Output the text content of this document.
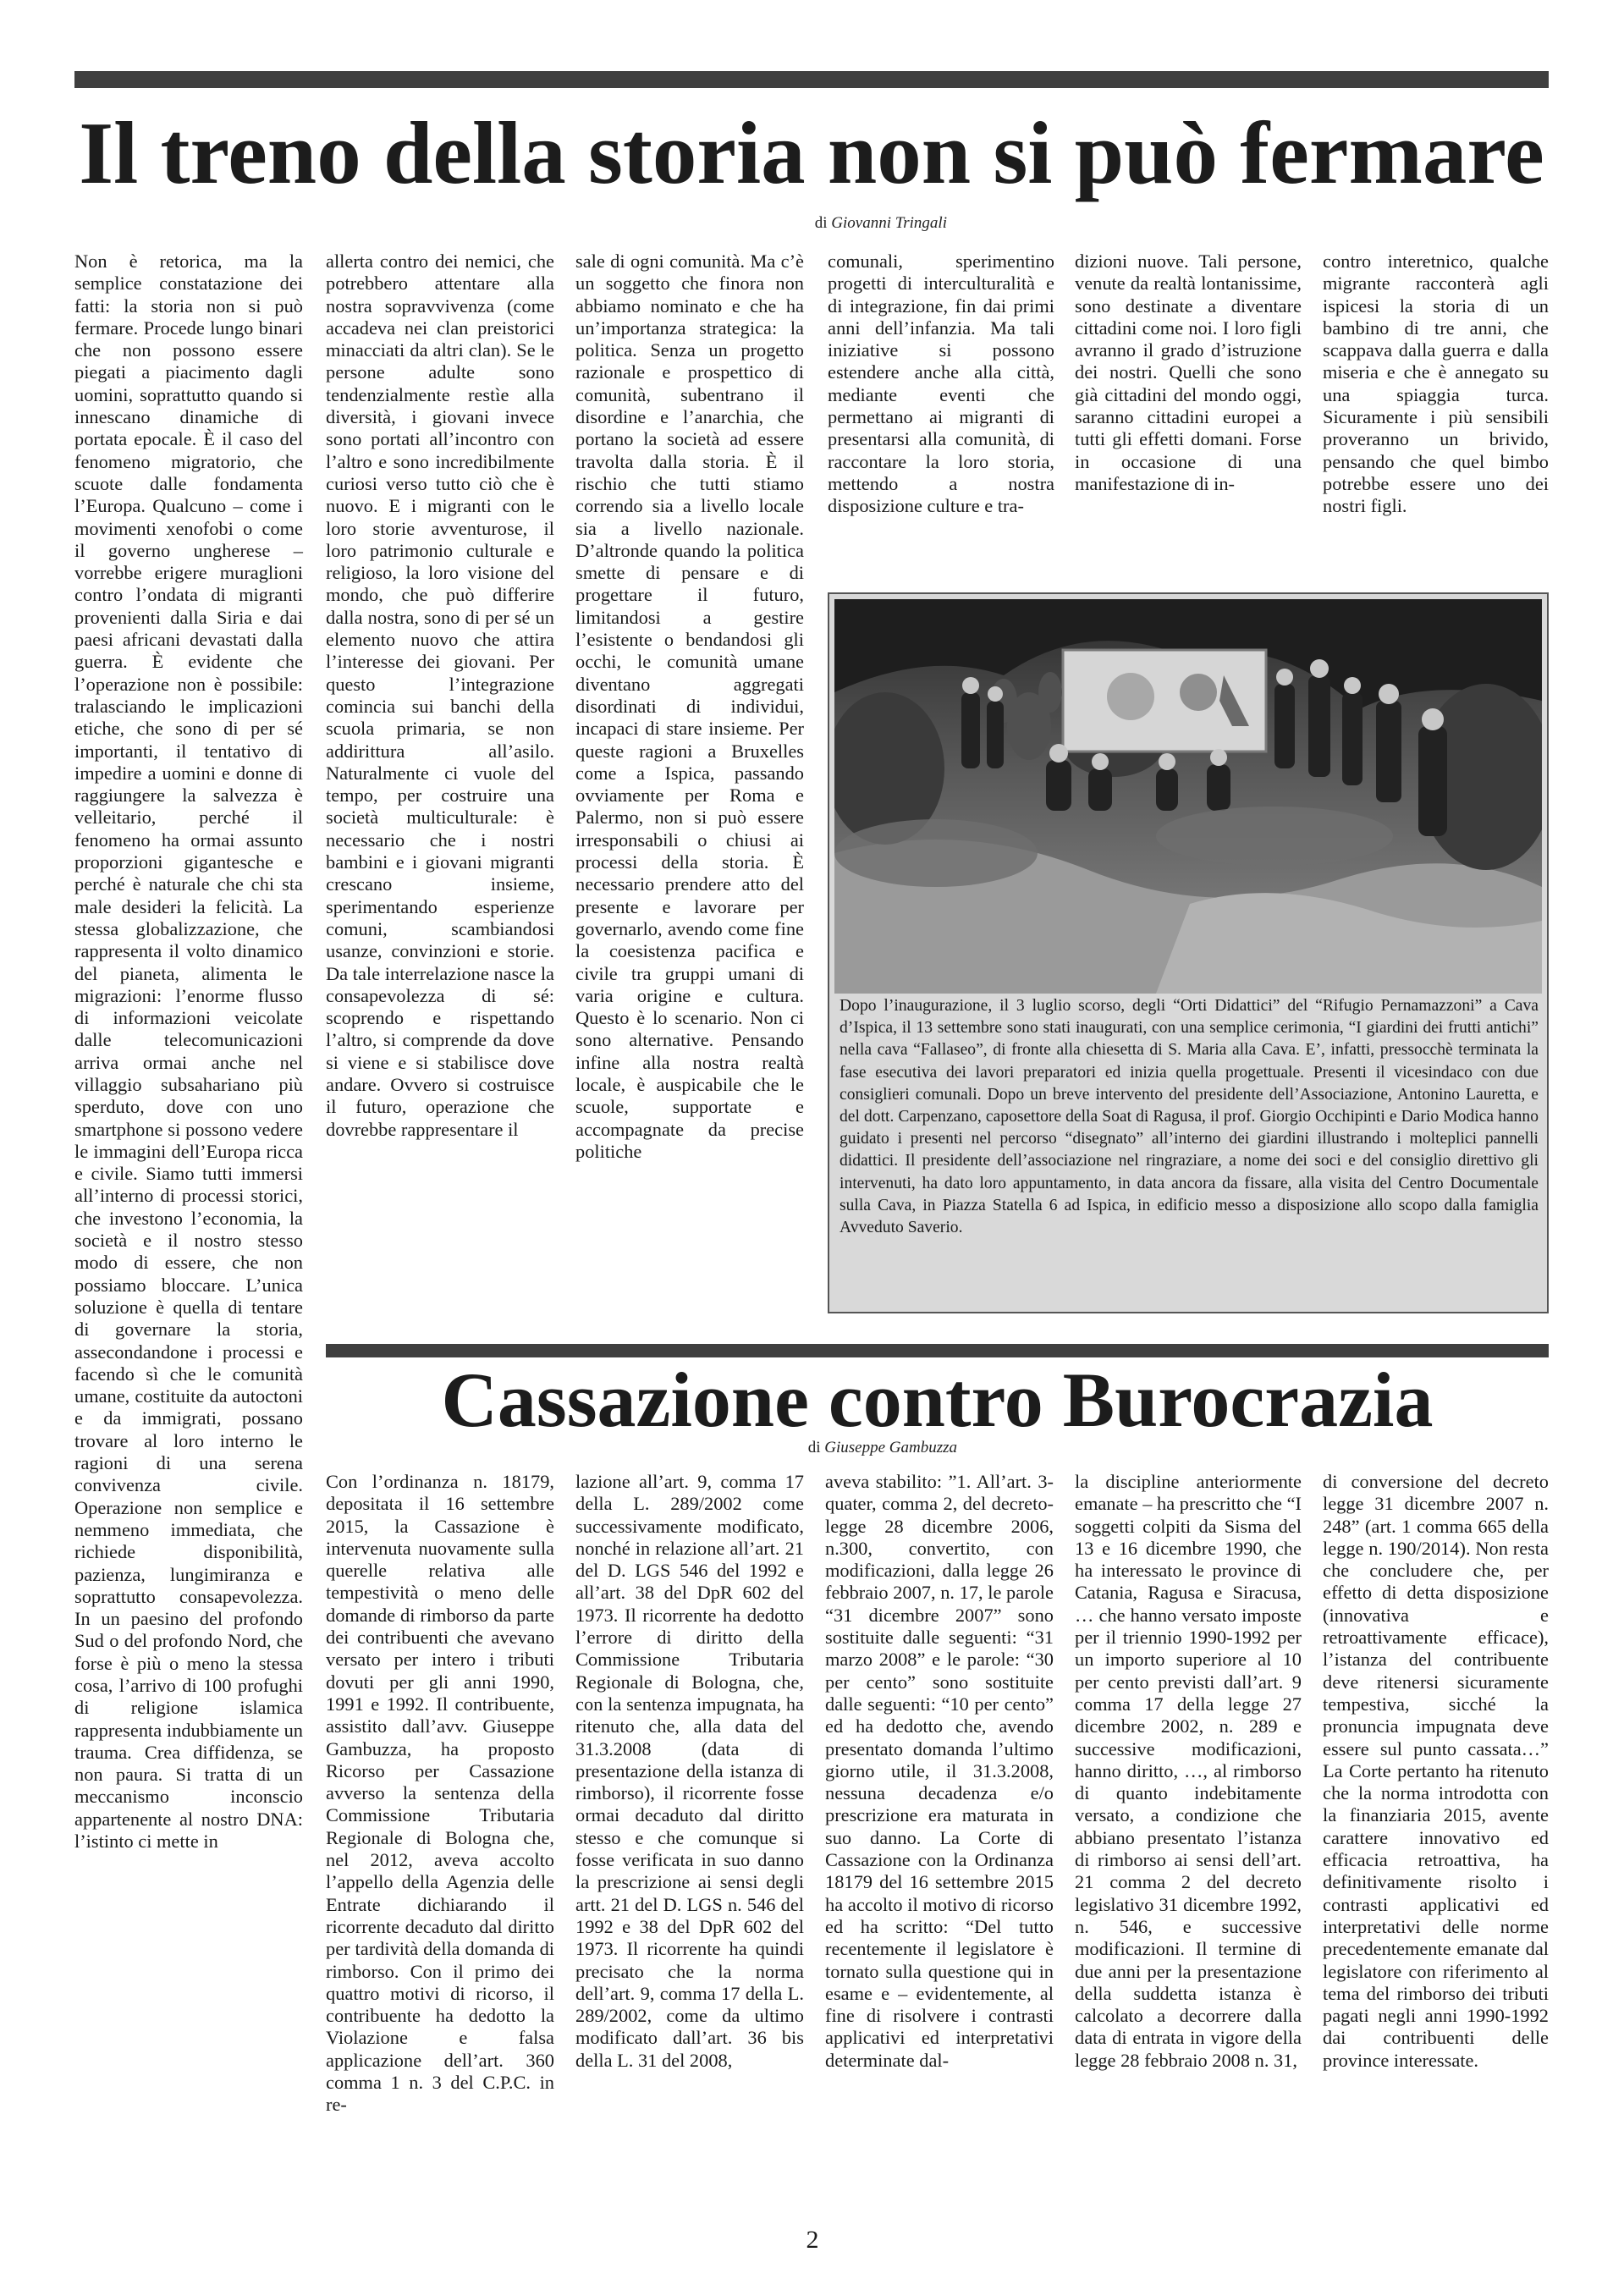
Il treno della storia non si può fermare
di Giovanni Tringali

Non è retorica, ma la semplice constatazione dei fatti: la storia non si può fermare. Procede lungo binari che non possono essere piegati a piacimento dagli uomini, soprattutto quando si innescano dinamiche di portata epocale. È il caso del fenomeno migratorio, che scuote dalle fondamenta l’Europa. Qualcuno – come i movimenti xenofobi o come il governo ungherese – vorrebbe erigere muraglioni contro l’ondata di migranti provenienti dalla Siria e dai paesi africani devastati dalla guerra. È evidente che l’operazione non è possibile: tralasciando le implicazioni etiche, che sono di per sé importanti, il tentativo di impedire a uomini e donne di raggiungere la salvezza è velleitario, perché il fenomeno ha ormai assunto proporzioni gigantesche e perché è naturale che chi sta male desideri la felicità. La stessa globalizzazione, che rappresenta il volto dinamico del pianeta, alimenta le migrazioni: l’enorme flusso di informazioni veicolate dalle telecomunicazioni arriva ormai anche nel villaggio subsahariano più sperduto, dove con uno smartphone si possono vedere le immagini dell’Europa ricca e civile. Siamo tutti immersi all’interno di processi storici, che investono l’economia, la società e il nostro stesso modo di essere, che non possiamo bloccare. L’unica soluzione è quella di tentare di governare la storia, assecondandone i processi e facendo sì che le comunità umane, costituite da autoctoni e da immigrati, possano trovare al loro interno le ragioni di una serena convivenza civile. Operazione non semplice e nemmeno immediata, che richiede disponibilità, pazienza, lungimiranza e soprattutto consapevolezza. In un paesino del profondo Sud o del profondo Nord, che forse è più o meno la stessa cosa, l’arrivo di 100 profughi di religione islamica rappresenta indubbiamente un trauma. Crea diffidenza, se non paura. Si tratta di un meccanismo inconscio appartenente al nostro DNA: l’istinto ci mette in

allerta contro dei nemici, che potrebbero attentare alla nostra sopravvivenza (come accadeva nei clan preistorici minacciati da altri clan). Se le persone adulte sono tendenzialmente restìe alla diversità, i giovani invece sono portati all’incontro con l’altro e sono incredibilmente curiosi verso tutto ciò che è nuovo. E i migranti con le loro storie avventurose, il loro patrimonio culturale e religioso, la loro visione del mondo, che può differire dalla nostra, sono di per sé un elemento nuovo che attira l’interesse dei giovani. Per questo l’integrazione comincia sui banchi della scuola primaria, se non addirittura all’asilo. Naturalmente ci vuole del tempo, per costruire una società multiculturale: è necessario che i nostri bambini e i giovani migranti crescano insieme, sperimentando esperienze comuni, scambiandosi usanze, convinzioni e storie. Da tale interrelazione nasce la consapevolezza di sé: scoprendo e rispettando l’altro, si comprende da dove si viene e si stabilisce dove andare. Ovvero si costruisce il futuro, operazione che dovrebbe rappresentare il

sale di ogni comunità. Ma c’è un soggetto che finora non abbiamo nominato e che ha un’importanza strategica: la politica. Senza un progetto razionale e prospettico di comunità, subentrano il disordine e l’anarchia, che portano la società ad essere travolta dalla storia. È il rischio che tutti stiamo correndo sia a livello locale sia a livello nazionale. D’altronde quando la politica smette di pensare e di progettare il futuro, limitandosi a gestire l’esistente o bendandosi gli occhi, le comunità umane diventano aggregati disordinati di individui, incapaci di stare insieme. Per queste ragioni a Bruxelles come a Ispica, passando ovviamente per Roma e Palermo, non si può essere irresponsabili o chiusi ai processi della storia. È necessario prendere atto del presente e lavorare per governarlo, avendo come fine la coesistenza pacifica e civile tra gruppi umani di varia origine e cultura. Questo è lo scenario. Non ci sono alternative. Pensando infine alla nostra realtà locale, è auspicabile che le scuole, supportate e accompagnate da precise politiche

comunali, sperimentino progetti di interculturalità e di integrazione, fin dai primi anni dell’infanzia. Ma tali iniziative si possono estendere anche alla città, mediante eventi che permettano ai migranti di presentarsi alla comunità, di raccontare la loro storia, mettendo a nostra disposizione culture e tra-

dizioni nuove. Tali persone, venute da realtà lontanissime, sono destinate a diventare cittadini come noi. I loro figli avranno il grado d’istruzione dei nostri. Quelli che sono già cittadini del mondo oggi, saranno cittadini europei a tutti gli effetti domani. Forse in occasione di una manifestazione di in-

contro interetnico, qualche migrante racconterà agli ispicesi la storia di un bambino di tre anni, che scappava dalla guerra e dalla miseria e che è annegato su una spiaggia turca. Sicuramente i più sensibili proveranno un brivido, pensando che quel bimbo potrebbe essere uno dei nostri figli.

Dopo l’inaugurazione, il 3 luglio scorso, degli “Orti Didattici” del “Rifugio Pernamazzoni” a Cava d’Ispica, il 13 settembre sono stati inaugurati, con una semplice cerimonia, “I giardini dei frutti antichi” nella cava “Fallaseo”, di fronte alla chiesetta di S. Maria alla Cava. E’, infatti, pressocchè terminata la fase esecutiva dei lavori preparatori ed inizia quella progettuale. Presenti il vicesindaco con due consiglieri comunali. Dopo un breve intervento del presidente dell’Associazione, Antonino Lauretta, e del dott. Carpenzano, caposettore della Soat di Ragusa, il prof. Giorgio Occhipinti e Dario Modica hanno guidato i presenti nel percorso “disegnato” all’interno dei giardini illustrando i molteplici pannelli didattici. Il presidente dell’associazione nel ringraziare, a nome dei soci e del consiglio direttivo gli intervenuti, ha dato loro appuntamento, in data ancora da fissare, alla visita del Centro Documentale sulla Cava, in Piazza Statella 6 ad Ispica, in edificio messo a disposizione allo scopo dalla famiglia Avveduto Saverio.

Cassazione contro Burocrazia
di Giuseppe Gambuzza

Con l’ordinanza n. 18179, depositata il 16 settembre 2015, la Cassazione è intervenuta nuovamente sulla querelle relativa alle tempestività o meno delle domande di rimborso da parte dei contribuenti che avevano versato per intero i tributi dovuti per gli anni 1990, 1991 e 1992. Il contribuente, assistito dall’avv. Giuseppe Gambuzza, ha proposto Ricorso per Cassazione avverso la sentenza della Commissione Tributaria Regionale di Bologna che, nel 2012, aveva accolto l’appello della Agenzia delle Entrate dichiarando il ricorrente decaduto dal diritto per tardività della domanda di rimborso. Con il primo dei quattro motivi di ricorso, il contribuente ha dedotto la Violazione e falsa applicazione dell’art. 360 comma 1 n. 3 del C.P.C. in re-

lazione all’art. 9, comma 17 della L. 289/2002 come successivamente modificato, nonché in relazione all’art. 21 del D. LGS 546 del 1992 e all’art. 38 del DpR 602 del 1973. Il ricorrente ha dedotto l’errore di diritto della Commissione Tributaria Regionale di Bologna, che, con la sentenza impugnata, ha ritenuto che, alla data del 31.3.2008 (data di presentazione della istanza di rimborso), il ricorrente fosse ormai decaduto dal diritto stesso e che comunque si fosse verificata in suo danno la prescrizione ai sensi degli artt. 21 del D. LGS n. 546 del 1992 e 38 del DpR 602 del 1973. Il ricorrente ha quindi precisato che la norma dell’art. 9, comma 17 della L. 289/2002, come da ultimo modificato dall’art. 36 bis della L. 31 del 2008,

aveva stabilito: ”1. All’art. 3-quater, comma 2, del decreto-legge 28 dicembre 2006, n.300, convertito, con modificazioni, dalla legge 26 febbraio 2007, n. 17, le parole “31 dicembre 2007” sono sostituite dalle seguenti: “31 marzo 2008” e le parole: “30 per cento” sono sostituite dalle seguenti: “10 per cento” ed ha dedotto che, avendo presentato domanda l’ultimo giorno utile, il 31.3.2008, nessuna decadenza e/o prescrizione era maturata in suo danno. La Corte di Cassazione con la Ordinanza 18179 del 16 settembre 2015 ha accolto il motivo di ricorso ed ha scritto: “Del tutto recentemente il legislatore è tornato sulla questione qui in esame e – evidentemente, al fine di risolvere i contrasti applicativi ed interpretativi determinate dal-

la discipline anteriormente emanate – ha prescritto che “I soggetti colpiti da Sisma del 13 e 16 dicembre 1990, che ha interessato le province di Catania, Ragusa e Siracusa, … che hanno versato imposte per il triennio 1990-1992 per un importo superiore al 10 per cento previsti dall’art. 9 comma 17 della legge 27 dicembre 2002, n. 289 e successive modificazioni, hanno diritto, …, al rimborso di quanto indebitamente versato, a condizione che abbiano presentato l’istanza di rimborso ai sensi dell’art. 21 comma 2 del decreto legislativo 31 dicembre 1992, n. 546, e successive modificazioni. Il termine di due anni per la presentazione della suddetta istanza è calcolato a decorrere dalla data di entrata in vigore della legge 28 febbraio 2008 n. 31,

di conversione del decreto legge 31 dicembre 2007 n. 248” (art. 1 comma 665 della legge n. 190/2014). Non resta che concludere che, per effetto di detta disposizione (innovativa e retroattivamente efficace), l’istanza del contribuente deve ritenersi sicuramente tempestiva, sicché la pronuncia impugnata deve essere sul punto cassata…” La Corte pertanto ha ritenuto che la norma introdotta con la finanziaria 2015, avente carattere innovativo ed efficacia retroattiva, ha definitivamente risolto i contrasti applicativi ed interpretativi delle norme precedentemente emanate dal legislatore con riferimento al tema del rimborso dei tributi pagati negli anni 1990-1992 dai contribuenti delle province interessate.

2
